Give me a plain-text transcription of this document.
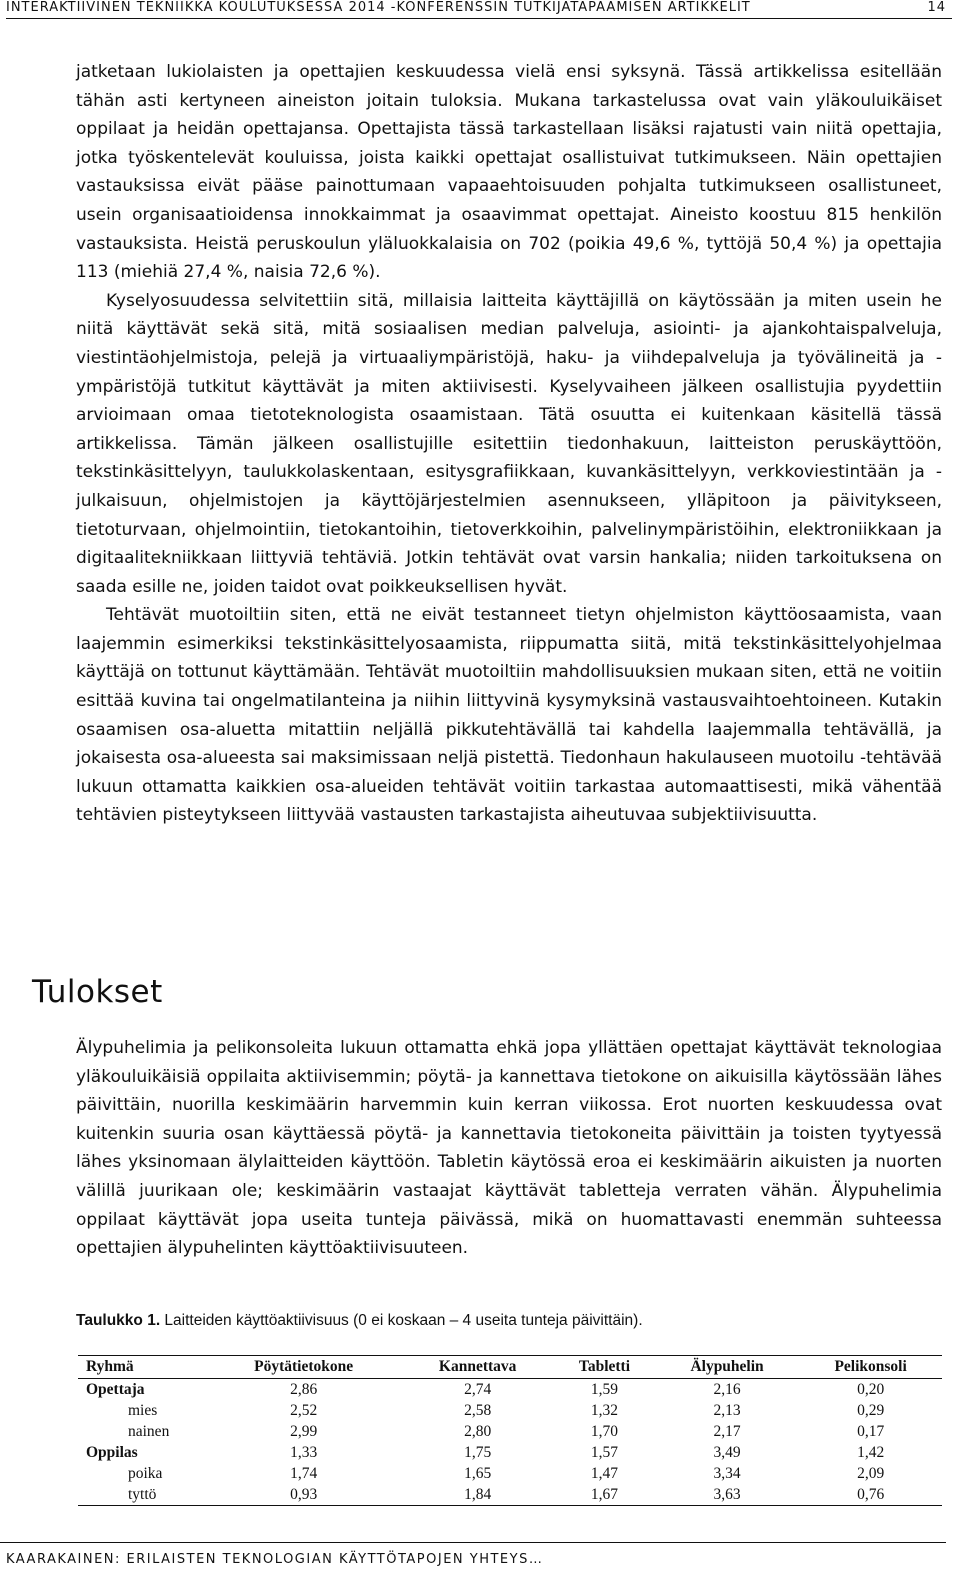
INTERAKTIIVINEN TEKNIIKKA KOULUTUKSESSA 2014 -KONFERENSSIN TUTKIJATAPAAMISEN ARTIKKELIT	14

jatketaan lukiolaisten ja opettajien keskuudessa vielä ensi syksynä. Tässä artikkelissa esitellään tähän asti kertyneen aineiston joitain tuloksia. Mukana tarkastelussa ovat vain yläkouluikäiset oppilaat ja heidän opettajansa. Opettajista tässä tarkastellaan lisäksi rajatusti vain niitä opettajia, jotka työskentelevät kouluissa, joista kaikki opettajat osallistuivat tutkimukseen. Näin opettajien vastauksissa eivät pääse painottumaan vapaaehtoisuuden pohjalta tutkimukseen osallistuneet, usein organisaatioidensa innokkaimmat ja osaavimmat opettajat. Aineisto koostuu 815 henkilön vastauksista. Heistä peruskoulun yläluokkalaisia on 702 (poikia 49,6 %, tyttöjä 50,4 %) ja opettajia 113 (miehiä 27,4 %, naisia 72,6 %).

Kyselyosuudessa selvitettiin sitä, millaisia laitteita käyttäjillä on käytössään ja miten usein he niitä käyttävät sekä sitä, mitä sosiaalisen median palveluja, asiointi- ja ajankohtaispalveluja, viestintäohjelmistoja, pelejä ja virtuaaliympäristöjä, haku- ja viihdepalveluja ja työvälineitä ja -ympäristöjä tutkitut käyttävät ja miten aktiivisesti. Kyselyvaiheen jälkeen osallistujia pyydettiin arvioimaan omaa tietoteknologista osaamistaan. Tätä osuutta ei kuitenkaan käsitellä tässä artikkelissa. Tämän jälkeen osallistujille esitettiin tiedonhakuun, laitteiston peruskäyttöön, tekstinkäsittelyyn, taulukkolaskentaan, esitysgrafiikkaan, kuvankäsittelyyn, verkkoviestintään ja -julkaisuun, ohjelmistojen ja käyttöjärjestelmien asennukseen, ylläpitoon ja päivitykseen, tietoturvaan, ohjelmointiin, tietokantoihin, tietoverkkoihin, palvelinympäristöihin, elektroniikkaan ja digitaalitekniikkaan liittyviä tehtäviä. Jotkin tehtävät ovat varsin hankalia; niiden tarkoituksena on saada esille ne, joiden taidot ovat poikkeuksellisen hyvät.

Tehtävät muotoiltiin siten, että ne eivät testanneet tietyn ohjelmiston käyttöosaamista, vaan laajemmin esimerkiksi tekstinkäsittelyosaamista, riippumatta siitä, mitä tekstinkäsittelyohjelmaa käyttäjä on tottunut käyttämään. Tehtävät muotoiltiin mahdollisuuksien mukaan siten, että ne voitiin esittää kuvina tai ongelmatilanteina ja niihin liittyvinä kysymyksinä vastausvaihtoehtoineen. Kutakin osaamisen osa-aluetta mitattiin neljällä pikkutehtävällä tai kahdella laajemmalla tehtävällä, ja jokaisesta osa-alueesta sai maksimissaan neljä pistettä. Tiedonhaun hakulauseen muotoilu -tehtävää lukuun ottamatta kaikkien osa-alueiden tehtävät voitiin tarkastaa automaattisesti, mikä vähentää tehtävien pisteytykseen liittyvää vastausten tarkastajista aiheutuvaa subjektiivisuutta.

Tulokset

Älypuhelimia ja pelikonsoleita lukuun ottamatta ehkä jopa yllättäen opettajat käyttävät teknologiaa yläkouluikäisiä oppilaita aktiivisemmin; pöytä- ja kannettava tietokone on aikuisilla käytössään lähes päivittäin, nuorilla keskimäärin harvemmin kuin kerran viikossa. Erot nuorten keskuudessa ovat kuitenkin suuria osan käyttäessä pöytä- ja kannettavia tietokoneita päivittäin ja toisten tyytyessä lähes yksinomaan älylaitteiden käyttöön. Tabletin käytössä eroa ei keskimäärin aikuisten ja nuorten välillä juurikaan ole; keskimäärin vastaajat käyttävät tabletteja verraten vähän. Älypuhelimia oppilaat käyttävät jopa useita tunteja päivässä, mikä on huomattavasti enemmän suhteessa opettajien älypuhelinten käyttöaktiivisuuteen.

Taulukko 1. Laitteiden käyttöaktiivisuus (0 ei koskaan – 4 useita tunteja päivittäin).
Ryhmä	Pöytätietokone	Kannettava	Tabletti	Älypuhelin	Pelikonsoli
Opettaja	2,86	2,74	1,59	2,16	0,20
mies	2,52	2,58	1,32	2,13	0,29
nainen	2,99	2,80	1,70	2,17	0,17
Oppilas	1,33	1,75	1,57	3,49	1,42
poika	1,74	1,65	1,47	3,34	2,09
tyttö	0,93	1,84	1,67	3,63	0,76
KAARAKAINEN: ERILAISTEN TEKNOLOGIAN KÄYTTÖTAPOJEN YHTEYS…
